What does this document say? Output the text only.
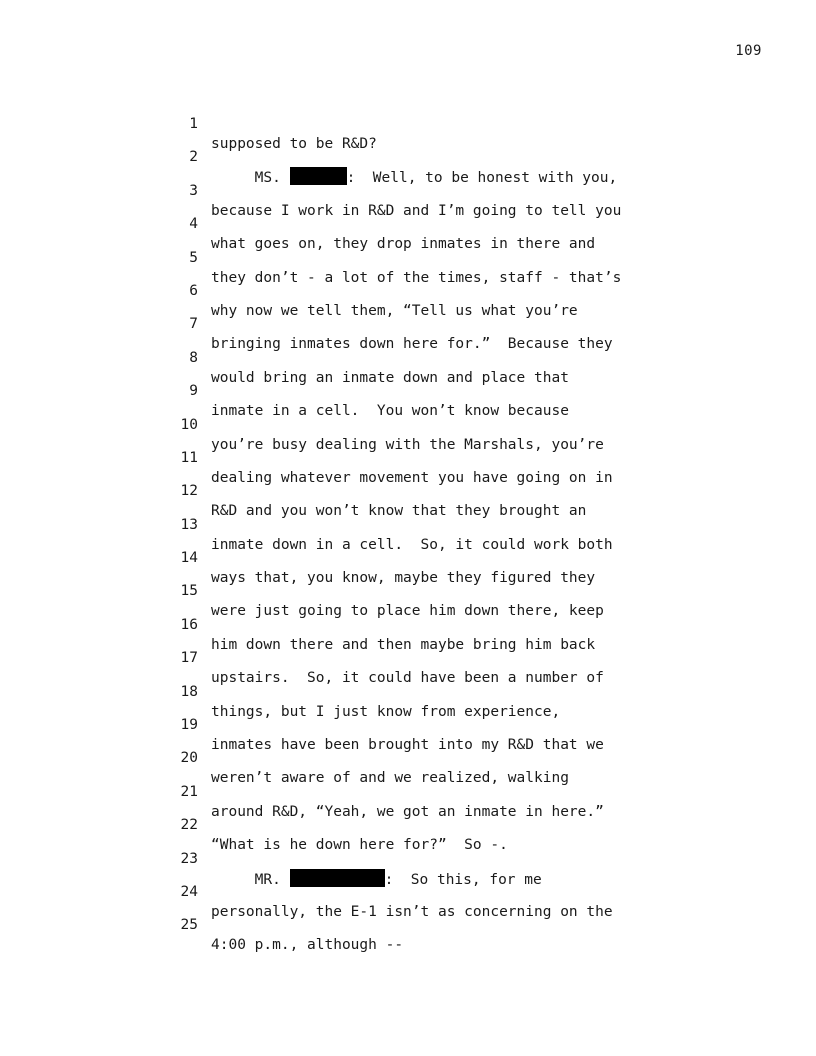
109

1

supposed to be R&D?

2

MS.	:  Well, to be honest with you,

3

because I work in R&D and I’m going to tell you

4

what goes on, they drop inmates in there and

5

they don’t - a lot of the times, staff - that’s

6

why now we tell them, “Tell us what you’re

7

bringing inmates down here for.”  Because they

8

would bring an inmate down and place that

9

inmate in a cell.  You won’t know because

10

you’re busy dealing with the Marshals, you’re

11

dealing whatever movement you have going on in

12

R&D and you won’t know that they brought an

13

inmate down in a cell.  So, it could work both

14

ways that, you know, maybe they figured they

15

were just going to place him down there, keep

16

him down there and then maybe bring him back

17

upstairs.  So, it could have been a number of

18

things, but I just know from experience,

19

inmates have been brought into my R&D that we

20

weren’t aware of and we realized, walking

21

around R&D, “Yeah, we got an inmate in here.”

22

“What is he down here for?”  So -.

23

MR.	:  So this, for me

24

personally, the E-1 isn’t as concerning on the

25

4:00 p.m., although --
